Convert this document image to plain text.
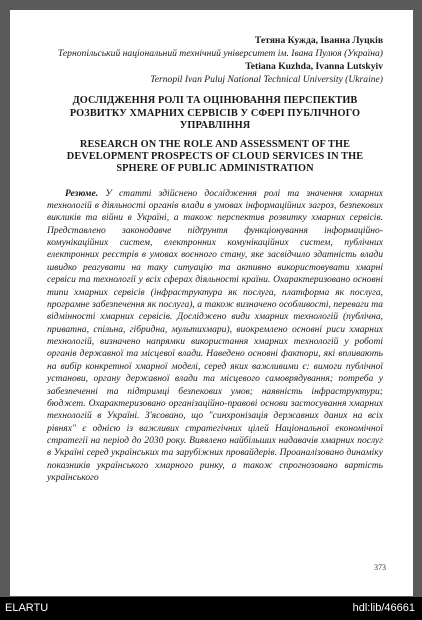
Тетяна Кужда, Іванна Луцків
Тернопільський національний технічний університет ім. Івана Пулюя (Україна)
Tetiana Kuzhda, Ivanna Lutskyiv
Ternopil Ivan Puluj National Technical University (Ukraine)
ДОСЛІДЖЕННЯ РОЛІ ТА ОЦІНЮВАННЯ ПЕРСПЕКТИВ РОЗВИТКУ ХМАРНИХ СЕРВІСІВ У СФЕРІ ПУБЛІЧНОГО УПРАВЛІННЯ
RESEARCH ON THE ROLE AND ASSESSMENT OF THE DEVELOPMENT PROSPECTS OF CLOUD SERVICES IN THE SPHERE OF PUBLIC ADMINISTRATION
Резюме. У статті здійснено дослідження ролі та значення хмарних технологій в діяльності органів влади в умовах інформаційних загроз, безпекових викликів та війни в Україні, а також перспектив розвитку хмарних сервісів. Представлено законодавче підґрунтя функціонування інформаційно-комунікаційних систем, електронних комунікаційних систем, публічних електронних реєстрів в умовах воєнного стану, яке засвідчило здатність влади швидко реагувати на таку ситуацію та активно використовувати хмарні сервіси та технології у всіх сферах діяльності країни. Охарактеризовано основні типи хмарних сервісів (інфраструктура як послуга, платформа як послуга, програмне забезпечення як послуга), а також визначено особливості, переваги та відмінності хмарних сервісів. Досліджено види хмарних технологій (публічна, приватна, спільна, гібридна, мультихмари), виокремлено основні риси хмарних технологій, визначено напрямки використання хмарних технологій у роботі органів державної та місцевої влади. Наведено основні фактори, які впливають на вибір конкретної хмарної моделі, серед яких важливими є: вимоги публічної установи, органу державної влади та місцевого самоврядування; потреба у забезпеченні та підтримці безпекових умов; наявність інфраструктури; бюджет. Охарактеризовано організаційно-правові основи застосування хмарних технологій в Україні. З'ясовано, що "синхронізація державних даних на всіх рівнях" є однією із важливих стратегічних цілей Національної економічної стратегії на період до 2030 року. Виявлено найбільших надавачів хмарних послуг в Україні серед українських та зарубіжних провайдерів. Проаналізовано динаміку показників українського хмарного ринку, а також спрогнозовано вартість українського
373
ELARTU	hdl:lib/46661
